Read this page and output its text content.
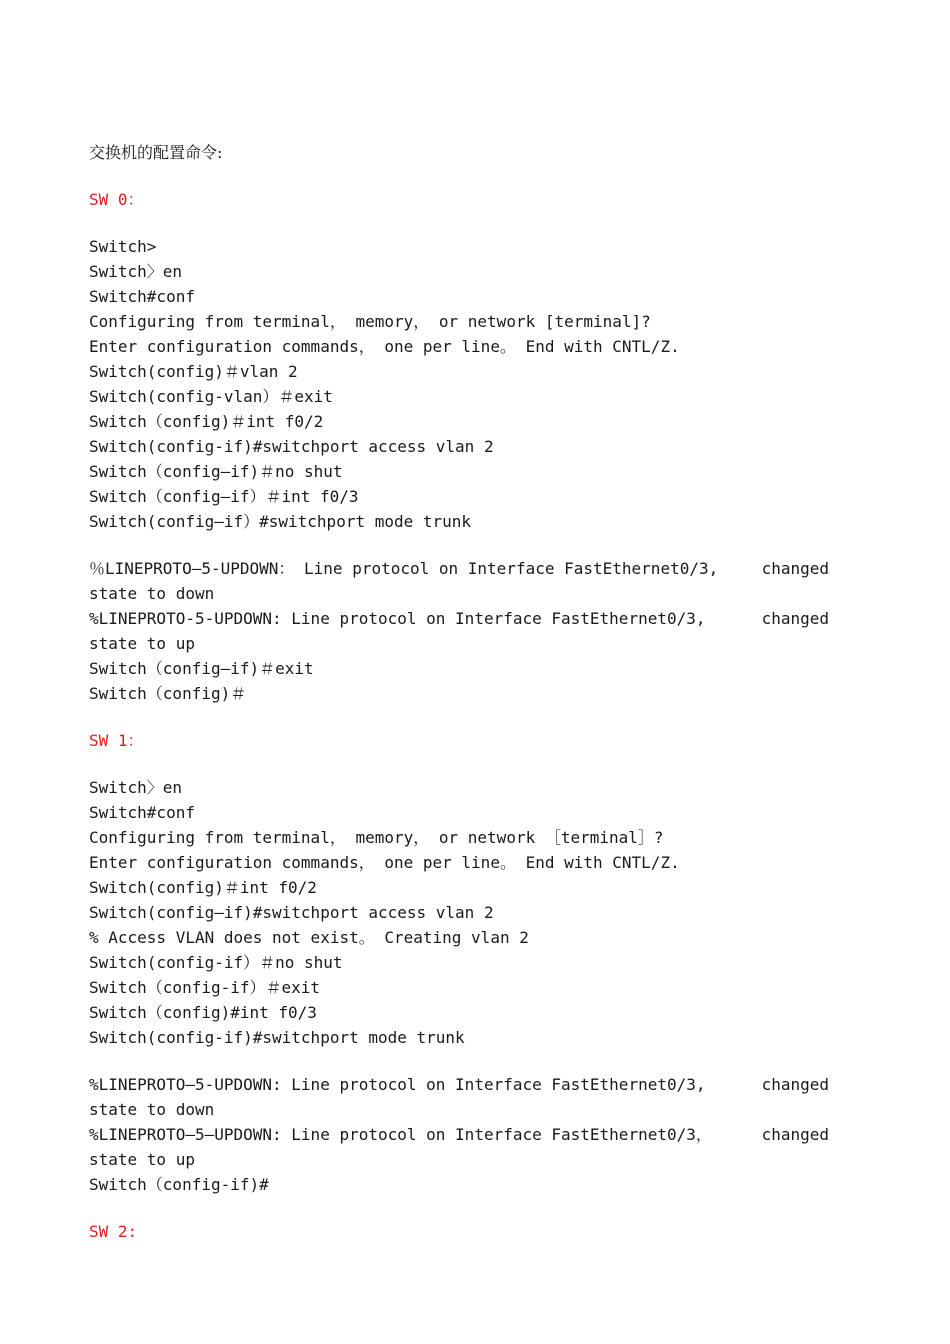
交换机的配置命令:
SW 0：
Switch>
Switch〉en
Switch#conf
Configuring from terminal， memory， or network [terminal]?
Enter configuration commands， one per line。 End with CNTL/Z.
Switch(config)＃vlan 2
Switch(config-vlan）＃exit
Switch（config)＃int f0/2
Switch(config-if)#switchport access vlan 2
Switch（config—if)＃no shut
Switch（config—if）＃int f0/3
Switch(config—if）#switchport mode trunk
％LINEPROTO—5-UPDOWN： Line protocol on Interface FastEthernet0/3,	changed
state to down
%LINEPROTO-5-UPDOWN: Line protocol on Interface FastEthernet0/3,	changed
state to up
Switch（config—if)＃exit
Switch（config)＃
SW 1：
Switch〉en
Switch#conf
Configuring from terminal， memory， or network ［terminal］?
Enter configuration commands， one per line。 End with CNTL/Z.
Switch(config)＃int f0/2
Switch(config—if)#switchport access vlan 2
% Access VLAN does not exist。 Creating vlan 2
Switch(config-if）＃no shut
Switch（config-if）＃exit
Switch（config)#int f0/3
Switch(config-if)#switchport mode trunk
%LINEPROTO—5-UPDOWN: Line protocol on Interface FastEthernet0/3,	changed
state to down
%LINEPROTO—5—UPDOWN: Line protocol on Interface FastEthernet0/3，	changed
state to up
Switch（config-if)#
SW 2:
